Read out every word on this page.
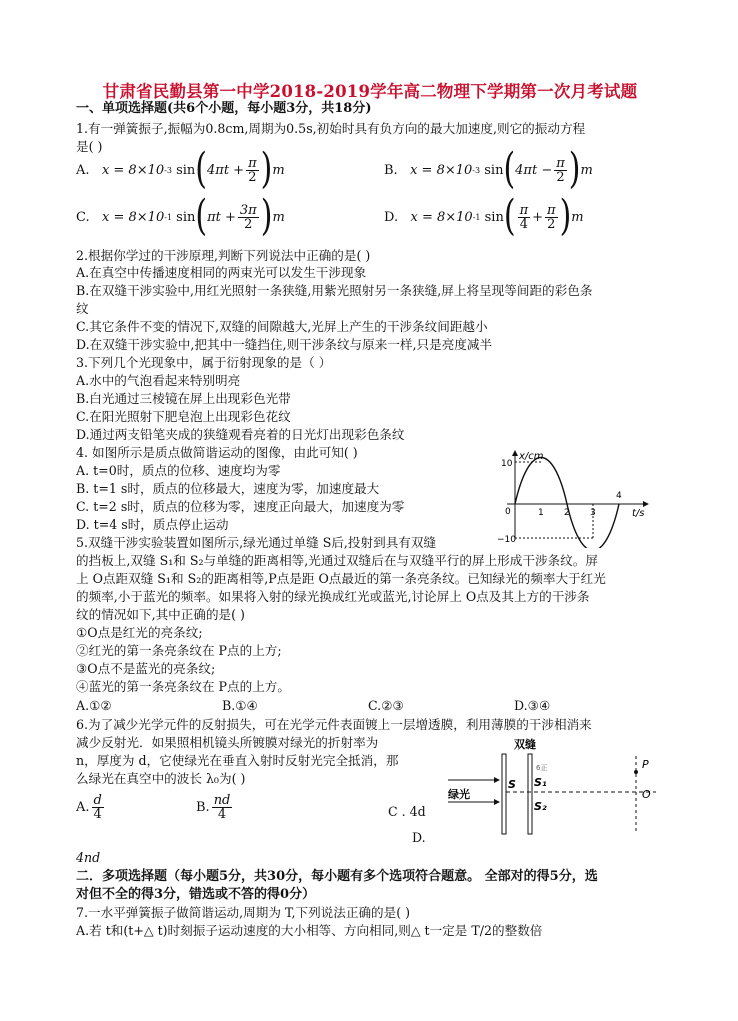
甘肃省民勤县第一中学2018-2019学年高二物理下学期第一次月考试题
一、单项选择题(共6个小题，每小题3分，共18分)
1.有一弹簧振子,振幅为0.8cm,周期为0.5s,初始时具有负方向的最大加速度,则它的振动方程
是( )
A.
x = 8×10 -3
sin ( $4\pi t + \frac{\pi}{2}$ ) m	B.
x = 8×10 -3
sin ( $4\pi t - \frac{\pi}{2}$ ) m
C.
x = 8×10 -1
sin ( $\pi t + \frac{3\pi}{2}$ ) m	D.
x = 8×10 -1
sin ( $\frac{\pi}{4} + \frac{\pi}{2}$ ) m
2.根据你学过的干涉原理,判断下列说法中正确的是( )
A.在真空中传播速度相同的两束光可以发生干涉现象
B.在双缝干涉实验中,用红光照射一条狭缝,用紫光照射另一条狭缝,屏上将呈现等间距的彩色条
纹
C.其它条件不变的情况下,双缝的间隙越大,光屏上产生的干涉条纹间距越小
D.在双缝干涉实验中,把其中一缝挡住,则干涉条纹与原来一样,只是亮度减半
3.下列几个光现象中，属于衍射现象的是（ ）
A.水中的气泡看起来特别明亮
B.白光通过三棱镜在屏上出现彩色光带
C.在阳光照射下肥皂泡上出现彩色花纹
D.通过两支铅笔夹成的狭缝观看亮着的日光灯出现彩色条纹
4. 如图所示是质点做简谐运动的图像，由此可知( )
A. t=0时，质点的位移、速度均为零
B. t=1 s时，质点的位移最大，速度为零，加速度最大
C. t=2 s时，质点的位移为零，速度正向最大，加速度为零
D. t=4 s时，质点停止运动
x/cm
t/s
10
−10
0	1 2 3
4
5.双缝干涉实验装置如图所示,绿光通过单缝 S后,投射到具有双缝
的挡板上,双缝 S₁和 S₂与单缝的距离相等,光通过双缝后在与双缝平行的屏上形成干涉条纹。屏
上 O点距双缝 S₁和 S₂的距离相等,P点是距 O点最近的第一条亮条纹。已知绿光的频率大于红光
的频率,小于蓝光的频率。如果将入射的绿光换成红光或蓝光,讨论屏上 O点及其上方的干涉条
纹的情况如下,其中正确的是( )
①O点是红光的亮条纹;
②红光的第一条亮条纹在 P点的上方;
③O点不是蓝光的亮条纹;
④蓝光的第一条亮条纹在 P点的上方。
A.①②	B.①④	C.②③	D.③④
6.为了减少光学元件的反射损失，可在光学元件表面镀上一层增透膜，利用薄膜的干涉相消来
减少反射光．如果照相机镜头所镀膜对绿光的折射率为
n，厚度为 d，它使绿光在垂直入射时反射光完全抵消，那
么绿光在真空中的波长 λ₀为( )
A. $\frac{d}{4}$	B. $\frac{nd}{4}$	C . 4d
D.
4nd
双缝
绿光
P
O
S S₁
S₂
6正
二．多项选择题（每小题5分，共30分，每小题有多个选项符合题意。 全部对的得5分，选
对但不全的得3分，错选或不答的得0分）
7.一水平弹簧振子做简谐运动,周期为 T,下列说法正确的是( )
A.若 t和(t+△ t)时刻振子运动速度的大小相等、方向相同,则△ t一定是 T/2的整数倍
